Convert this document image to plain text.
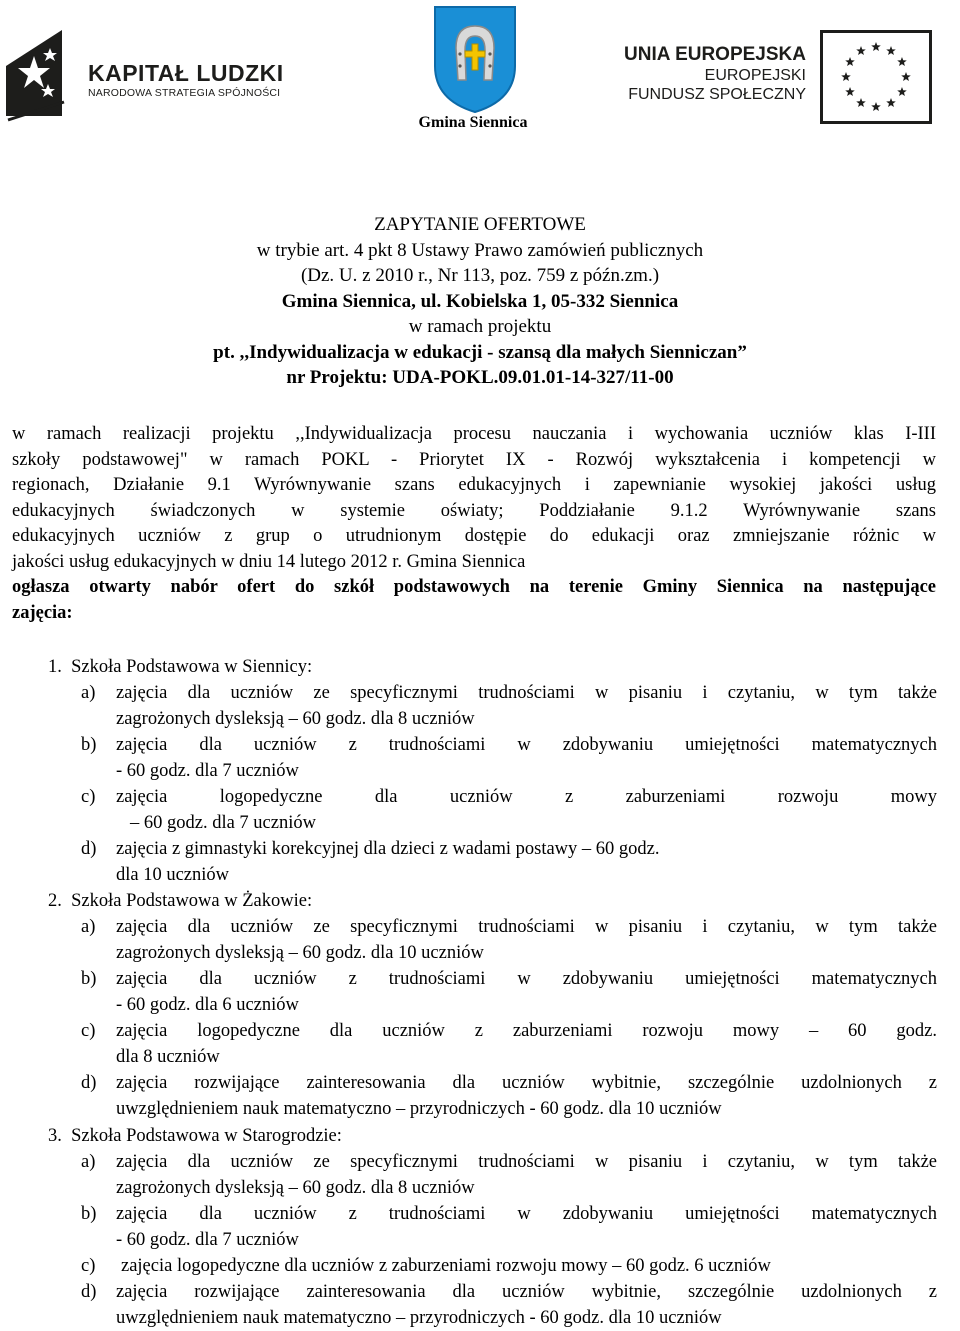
KAPITAŁ LUDZKI
NARODOWA STRATEGIA SPÓJNOŚCI
Gmina Siennica
UNIA EUROPEJSKA
EUROPEJSKI
FUNDUSZ SPOŁECZNY
ZAPYTANIE OFERTOWE
w trybie art. 4 pkt 8 Ustawy Prawo zamówień publicznych
(Dz. U. z 2010 r., Nr 113, poz. 759 z późn.zm.)
Gmina Siennica, ul. Kobielska 1, 05-332 Siennica
w ramach projektu
pt. ,,Indywidualizacja w edukacji - szansą dla małych Sienniczan”
nr Projektu: UDA-POKL.09.01.01-14-327/11-00
w ramach realizacji projektu ,,Indywidualizacja procesu nauczania i wychowania uczniów klas I-III
szkoły podstawowej" w ramach POKL - Priorytet IX - Rozwój wykształcenia i kompetencji w
regionach, Działanie 9.1 Wyrównywanie szans edukacyjnych i zapewnianie wysokiej jakości usług
edukacyjnych świadczonych w systemie oświaty; Poddziałanie 9.1.2 Wyrównywanie szans
edukacyjnych uczniów z grup o utrudnionym dostępie do edukacji oraz zmniejszanie różnic w
jakości usług edukacyjnych w dniu 14 lutego 2012 r. Gmina Siennica
ogłasza otwarty nabór ofert do szkół podstawowych na terenie Gminy Siennica na następujące
zajęcia:
1.  Szkoła Podstawowa w Siennicy:
a) zajęcia dla uczniów ze specyficznymi trudnościami w pisaniu i czytaniu, w tym także
zagrożonych dysleksją – 60 godz. dla 8 uczniów
b) zajęcia dla uczniów z trudnościami w zdobywaniu umiejętności matematycznych
- 60 godz. dla 7 uczniów
c) zajęcia logopedyczne dla uczniów z zaburzeniami rozwoju mowy
– 60 godz. dla 7 uczniów
d) zajęcia z gimnastyki korekcyjnej dla dzieci z wadami postawy – 60 godz.
dla 10 uczniów
2.  Szkoła Podstawowa w Żakowie:
a) zajęcia dla uczniów ze specyficznymi trudnościami w pisaniu i czytaniu, w tym także
zagrożonych dysleksją – 60 godz. dla 10 uczniów
b) zajęcia dla uczniów z trudnościami w zdobywaniu umiejętności matematycznych
- 60 godz. dla 6 uczniów
c) zajęcia logopedyczne dla uczniów z zaburzeniami rozwoju mowy – 60 godz.
dla 8 uczniów
d) zajęcia rozwijające zainteresowania dla uczniów wybitnie, szczególnie uzdolnionych z
uwzględnieniem nauk matematyczno – przyrodniczych - 60 godz. dla 10 uczniów
3.  Szkoła Podstawowa w Starogrodzie:
a) zajęcia dla uczniów ze specyficznymi trudnościami w pisaniu i czytaniu, w tym także
zagrożonych dysleksją – 60 godz. dla 8 uczniów
b) zajęcia dla uczniów z trudnościami w zdobywaniu umiejętności matematycznych
- 60 godz. dla 7 uczniów
c) zajęcia logopedyczne dla uczniów z zaburzeniami rozwoju mowy – 60 godz. 6 uczniów
d) zajęcia rozwijające zainteresowania dla uczniów wybitnie, szczególnie uzdolnionych z
uwzględnieniem nauk matematyczno – przyrodniczych - 60 godz. dla 10 uczniów
